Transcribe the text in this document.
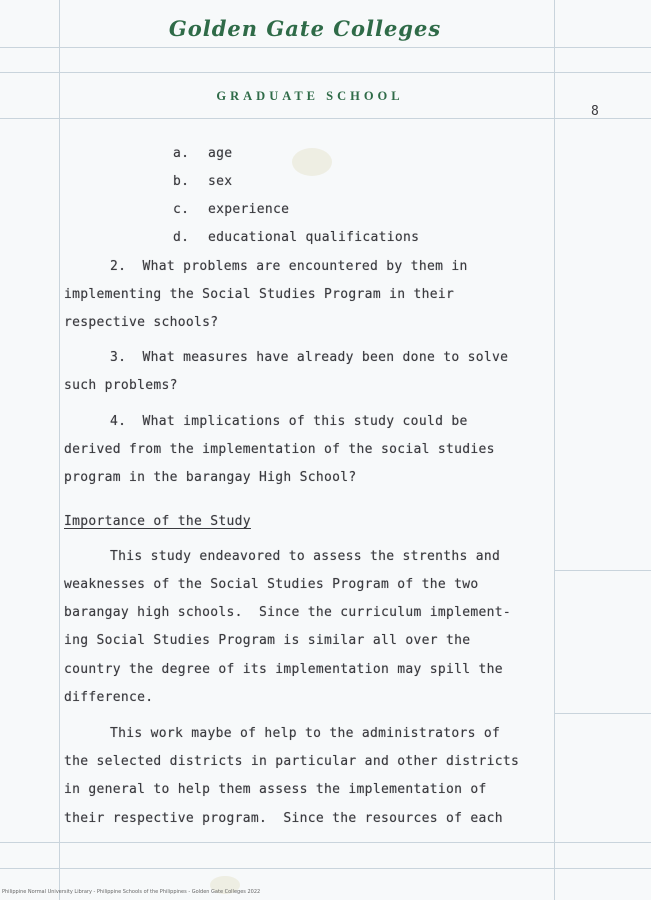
Golden Gate Colleges
GRADUATE SCHOOL
8
a. age
b. sex
c. experience
d. educational qualifications
2.  What problems are encountered by them in
implementing the Social Studies Program in their
respective schools?
3.  What measures have already been done to solve
such problems?
4.  What implications of this study could be
derived from the implementation of the social studies
program in the barangay High School?
Importance of the Study
This study endeavored to assess the strenths and
weaknesses of the Social Studies Program of the two
barangay high schools.  Since the curriculum implement-
ing Social Studies Program is similar all over the
country the degree of its implementation may spill the
difference.
This work maybe of help to the administrators of
the selected districts in particular and other districts
in general to help them assess the implementation of
their respective program.  Since the resources of each
Philippine Normal University Library - Philippine Schools of the Philippines - Golden Gate Colleges 2022
